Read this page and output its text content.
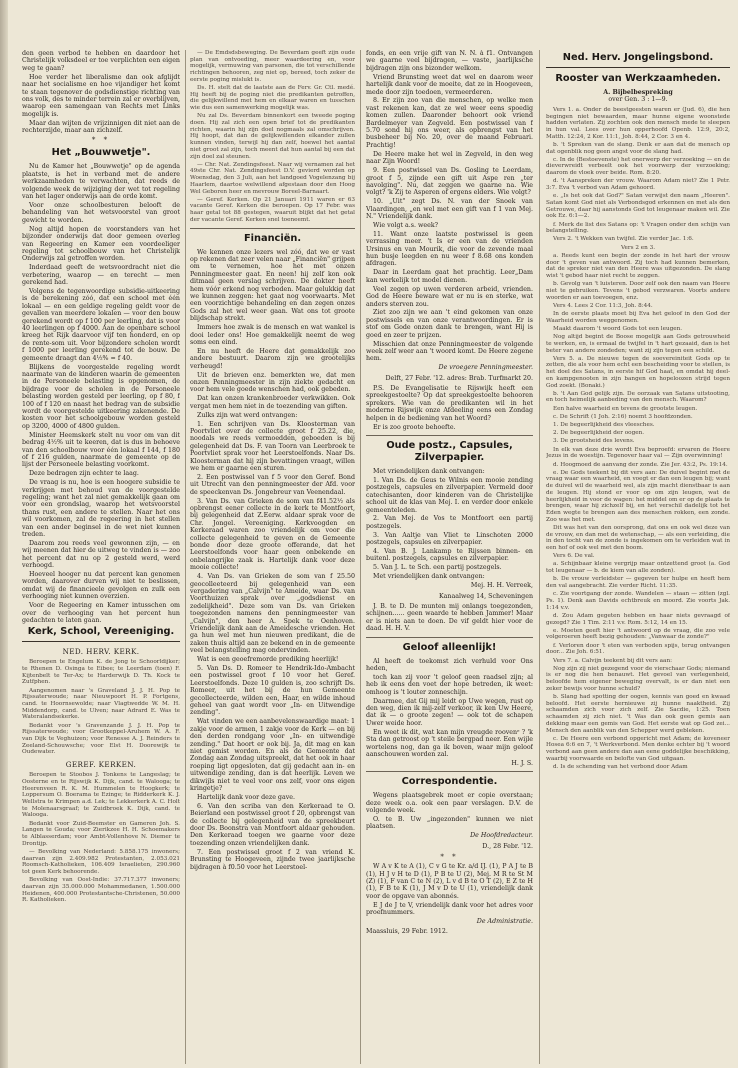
den geen verbod te hebben en daardoor het Christelijk volksdeel er toe verplichten een eigen weg te gaan?

Hoe verder het liberalisme dan ook afglijdt naar het socialisme en hoe vijandiger het komt te staan tegenover de godsdienstige richting van ons volk, des te minder terrein zal er overblijven, waarop een samengaan van Rechts met Links mogelijk is.

Maar dan wijten de vrijzinnigen dit niet aan de rechterzijde, maar aan zichzelf.

* *
Het „Bouwwetje".

Nu de Kamer het „Bouwwetje" op de agenda plaatste, is het in verband met de andere werkzaamheden te verwachten, dat reeds de volgende week de wijziging der wet tot regeling van het lager onderwijs aan de orde komt.

Voor onze schoolbesturen belooft de behandeling van het wetsvoorstel van groot gewicht te worden.

Nog altijd hopen de voorstanders van het bijzonder onderwijs dat door gemeen overleg van Regeering en Kamer een voordeeliger regeling tot schoolbouw van het Christelijk Onderwijs zal getroffen worden.

Inderdaad geeft de wetsvoordracht niet die verbetering, waarop — en terecht — men gerekend had.

Volgens de tegenwoordige subsidie-uitkeering is de berekening zóó, dat een school met één lokaal — en een geldige regeling geldt voor de gevallen van meerdere lokalen — voor den bouw gerekend wordt op f 100 per leerling, dat is voor 40 leerlingen op f 4000. Aan de openbare school kreeg het Rijk daarvoor vijf ten honderd, en op de rente-som uit. Voor bijzondere scholen wordt f 1000 per leerling gerekend tot de bouw. De gemeente draagt dan 4½% = f 40.

Blijkens de voorgestelde regeling wordt naarmate van de kinderen waarin de gemeenten in de Personeele belasting is opgenomen, de bijdrage voor de scholen in de Personeele belasting worden gesteld per leerling, op f 80, f 100 of f 120 en naast het bedrag van de subsidie wordt de voorgestelde uitkeering zakenende. De kosten voor het schoolgebouw worden gesteld op 3200, 4000 of 4800 gulden.

Minister Heemskerk stelt nu voor om van dit bedrag 4½% uit te keeren, dat is dus in behoeve van den schoolbouw voor één lokaal f 144, f 180 of f 216 gulden, naarmate de gemeente op de lijst der Personeele belasting voorkomt.

Deze bedragen zijn echter te laag.

De vraag is nu, hoe is een hoogere subsidie te verkrijgen met behoud van de voorgestelde regeling; want het zal niet gemakkelijk gaan om voor een grondslag, waarop het wetsvoorstel thans rust, een andere te stellen. Naar het ons wil voorkomen, zal de regeering in het stellen van een ander beginsel in de wet niet kunnen treden.

Daarom zou reeds veel gewonnen zijn, — en wij meenen dat hier de uitweg te vinden is — zoo het percent dat nu op 2 gesteld werd, werd verhoogd.

Hoeveel hooger nu dat percent kan genomen worden, daarover durven wij niet te beslissen, omdat wij de financieele gevolgen en zulk een verhooging niet kunnen overzien.

Voor de Regeering en Kamer intusschen om over de verhooging van het percent hun gedachten te laten gaan.

Kerk, School, Vereeniging.
NED. HERV. KERK.

Beroepen te Engelum K. de Jong te Schoorldijker; te Rhenen D. Osinga te Eibee; te Leerdam (toen) F. Kijtenbelt te Ter-Ax; te Harderwijk D. Th. Kock te Zutfphen.

Aangenomen naar 's Graveland J. J. H. Pop te Rijssaterwoude; naar Nieuwpoort H. P. Fortgens, cand. te Hoornsewolde; naar Vlagtwedde W. M. H. Middendorp, cand. te Ulven; naar Adrard E. Was te Wateralandsekerke.

Bedankt voor 's Gravenzande J. J. H. Pop te Rijssaterwoude; voor Grootkeppel-Aruhem W. A. F. van Dijk te Veghuizen; voor Renesse A. J. Reinders te Zeeland-Schouwsche; voor Elst H. Doorewijk te Oudewater.

GEREF. KERKEN.

Beroepen te Stoobos J. Tonkens te Langeslag; te Oosterne en te Rijswijk K. Dijk, cand. te Walooga; te Heerenveen R. K. M. Hummelen te Hoogkerk; te Loppersum O. Boerama te Ezinge; te Ridderkerk K. J. Wellstra te Krimpen a.d. Lek; te Lekkerkerk A. C. Holt te Molenaarsgraaf; te Zuidbroek K. Dijk, cand. te Walooga.

Bedankt voor Zuid-Beemster en Gameren Joh. S. Langen te Gouda; voor Zierikzee H. H. Schoemakers te Alblasserdam; voor Ambt-Vollenhove N. Diemer te Drontijp.

— Bevolking van Nederland: 5.858.175 inwoners; daarvan zijn 2.409.982 Protestanten, 2.053.021 Roomsch-Katholieken, 106.409 Israelieten, 290.960 tot geen Kerk behoorende.

Bevolking van Oost-Indie: 37.717.377 inwoners; daarvan zijn 35.000.000 Mohammedanen, 1.500.000 Heidenen, 400.000 Protestantsche-Christenen, 50.000 R. Katholieken.

— De Emdsdsbeweging. De Beverdam geeft zijn oude plan van ontvoeding, meer waardeering en, voor mogelijk, vermuwing van parsonen, die tot verschillende richtingen behooren, zeg niet op, bereed, toch zeker de eerste poging mislukt is.

Ds. H. stelt dat de laatste aan de Ferv. Gr. Ctl. medé. Hij heeft bij de poging niet die predikanten getroffen, die gelijkwillend met hem en elkaar waren en tusschen wie dus een samenwerking mogelijk was.

Nu zal Ds. Beverdam binnenkort een tweede poging doen. Hij zal zich een open brief tot de predikanten richten, waarin hij zijn doel nogmaals zal omschrijven. Hij hoopt, dat dan de gelijkwillenden elkander zullen kunnen vinden, terwijl hij dan zelf, hoewel het aantal niet groot zal zijn, toch meent dat hun aantal bij een dat zijn doel zal steunen.

— Chr. Nat. Zendingsfeest. Naar wij vernamen zal het 49ste Chr. Nat. Zendingsfeest D.V. gevierd worden op Woensdag, den 3 Juli, aan het landgoed Vogelenzang bij Haarlem, daartoe welwillend afgestaan door den Hoog Wel Geboren heer en mevrouw Boreel-Barnaart.

— Geref. Kerken. Op 21 Januari 1911 waren er 63 vacante Geref. Kerken die beroepen. Op 17 Febr. was haar getal tot 88 gestegen, waaruit blijkt dat het getal der vacante Geref. Kerken snel toeneemt.

Financiën.

We kennen onze lezers wel zóó, dat we er vast op rekenen dat zeer velen naar „Financiën" grijpen om te vernemen, hoe het met onzen Penningmeester gaat. En neen! hij zelf kon ook ditmaal geen verslag schrijven. De dokter heeft hem vóór erkend nog verboden. Maar gelukkig dat we kunnen zeggen: het gaat nog voorwaarts. Met een voorzichtige behandeling en dan zegen onzes Gods zal het wel weer gaan. Wat ons tot groote blijdschap strekt.

Immers hoe zwak is de mensch en wat wankel is dooi leder ons! Hoe gemakkelijk neemt de weg soms een eind.

En nu heeft de Heere dat gemakkelijk zoo andere bestuurt. Daarom zijn we grootelijks verheugd!

Uit de brieven enz. bemerkten we, dat men onzen Penningmeester in zijn ziekte gedacht en voor hem vele goede wenschen had, ook gebeden.

Dat kan onzen krankenbroeder verkwikken. Ook vergat men hem niet in de toezending van giften.

Zulks zijn wat werd ontvangen:

1. Een schrijven van Ds. Kloosterman van Poortvliet over de collecte groot f 25.22, die, noodals we reeds vermoedden, geboeden is bij gelegenheid dat Ds. F. van Toorn van Leerbroek te Poortvliet sprak voor het Leerstoelfonds. Naar Ds. Kloosterman dat hij zijn bevattingen vraagt, willen we hem er gaarne een sturen.

2. Een postwissel van f 5 voor den Geref. Bond uit Utrecht van den penningmeester der Afd. voor de speeckenvan Ds. Jongebreur van Veenendaal.

3. Van Ds. van Grieken de som van f41.52½ als opbrengst eener collecte in de kerk te Montfoort, bij gelegenheid dat Z.Eerw. aldaar sprak voor de Chr. Jongel. Vereeniging. Kerkvoogden en Kerkeraad waren zoo vriendelijk om voor die collecte gelegenheid te geven en de Gemeente bonde door deze groote offerande, dat het Leerstoelfonds voor haar geen onbekende en onbelangrijke zaak is. Hartelijk dank voor deze mooie collecte!

4. Van Ds. van Grieken de som van f 25.50 geocolleeteerd bij gelegenheid van een vergadering van „Calvijn" te Ameide, waar Ds. van Voorthuizen sprak over „godsdienst en zedelijkheid". Deze som van Ds. van Grieken toegezonden namens den penningmeester van „Calvijn", den heer A. Spek te Oenhoven. Vriendelijk dank aan de Ameidesche vrienden. Het ga hun wel met hun nieuwen predikant, die de zaken thuis altijd aan ze bekend en in de gemeente veel belangstelling mag ondervinden.

Wat is een geoefremorde prediking heerlijk!

5. Van Ds. D. Romeer te Hendrik-Ido-Ambacht een postwissel groot f 10 voor het Geref. Leerstoelfonds. Deze 10 gulden is, zoo schrijft Ds. Romeer, uit het bij de hun Gemeente gecollecteerde, wilden een, Haar, en wilde inhoud geheel van gaat wordt voor „In- en Uitwendige zending".

Wat vinden we een aanbevelenswaardige maat: 1 zakje voor de armen, 1 zakje voor de Kerk — en bij den derden rondgang voor „In- en uitwendige zending." Dat hoort er ook bij. Ja, dit mag en kan niet gemist worden. En als de Gemeente dat Zondag aan Zondag uitspreekt, dat het ook in haar roeping ligt opgesloten, dat gij gedacht aan in- en uitwendige zending, dan is dat heerlijk. Leven we dikwijls niet te veel voor ons zelf, voor ons eigen kringetje?

Hartelijk dank voor deze gave.

6. Van den scriba van den Kerkeraad te O. Beierland een postwissel groot f 20, opbrengst van de collecte bij gelegenheid van de spreekbeurt door Ds. Boonstra van Montfoort aldaar gehouden. Den Kerkeraad toegen we gaarne voor deze toezending onzen vriendelijken dank.

7. Een postwissel groot f 2 van vriend K. Brunsting te Hoogeveen, zijnde twee jaarlijksche bijdragen à f0.50 voor het Leerstoel-

fonds, en een vrije gift van N. N. à f1. Ontvangen we gaarne veel bijdragen, — vaste, jaarlijksche bijdragen zijn ons bizonder welkom.

Vriend Brunsting weet dat wel en daarom weer hartelijk dank voor de moeite, dat ze in Hoogeveen, mede door zijn toedoen, vermeerderen.

8. Er zijn zoo van die menschen, op welke men vast rekenen kan, dat ze wel weer eens spoedig komen zullen. Daaronder behoort ook vriend Bardelmeyer van Zegveld. Een postwissel van f 5.70 sond hij ons weer, als opbrengst van het busbeheer bij No. 20, over de maand Februari. Prachtig!

De Heere make het wel in Zegveld, in den weg naar Zijn Woord!

9. Een postwissel van Ds. Gosling te Leerdam, groot f 5, zijnde een gift uit Aspe ren „ter navolging". Nu, dat zeggen we gaarne na. Wie volgt? 'k Zij te Asperen of ergens elders. Wie volgt?

10. „Uit" zegt Ds. N. van der Snoek van Vlaardingen, „en wel met een gift van f 1 van Mej. N." Vriendelijk dank.

Wie volgt a.s. week?

11. Want onze laatste postwissel is geen verrassing meer. 't Is er een van de vrienden Ursinus en van Mourik, die voor de zevende maal hun busje leegden en nu weer f 8.68 ons konden afdragen.

Daar in Leerdam gaat het prachtig. Leer„Dam kan werkelijk tot model dienen.

Veel zegen op uwen verderen arbeid, vrienden. God de Heere beware wat er nu is en sterke, wat anders sterven zou.

Ziet zoo zijn we aan 't eind gekomen van onze postwissels en van onze verantwoordingen. Er is stof om Gode onzen dank te brengen, want Hij is goed en zeer te prijzen.

Misschien dat onze Penningmeester de volgende week zelf weer aan 't woord komt. De Heere zegene hem.

De vroegere Penningmeester.
Delft, 27 Febr. '12. adres: Brab. Turfmarkt 20.

P.S. De Evangelisatie te Rijswijk heeft een spreekgestoelte? Op dat spreekgestoelte behooren sprekers. Wie van de predikanten wil in het moderne Rijswijk onze Afdeeling eens een Zondag helpen in de bediening van het Woord?

Er is zoo groote behoefte.

Oude postz., Capsules, Zilverpapier.

Met vriendelijken dank ontvangen:

1. Van Ds. de Geus te Wilnis een mooie zending postzegels, capsules en zilverpapier. Vermeld door catechisanten, door kinderen van de Christelijke school uit de klas van Mej. I. en verder door enkele gemeenteleden.

2. Van Mej. de Vos te Montfoort een partij postzegels.

3. Van Aaltje van Vliet te Linschoten 2000 postzegels, capsules en zilverpapier.

4. Van B. J. Lankamp te Rijssen binnen- en buitenl. postzegels, capsules en zilverpapier.

5. Van J. L. te Sch. een partij postzegels.

Met vriendelijken dank ontvangen:

Mej. H. H. Verreek,
Kanaalweg 14, Scheveningen

J. B. te D. De munten mij onlangs toegezonden, schijnen...... geen waarde te hebben Jammer! Maar er is niets aan te doen. De vif geldt hier voor de daad. H. H. V.

Geloof alleenlijk!

Al heeft de toekomst zich verhuld voor Ons heden,

toch kan zij voor 't geloof geen raadsel zijn; al heb ik eens den voet der hope betreden, ik weet: omhoog is 't louter zonneschijn.

Daarmee, dat Gij mij leidt op Uwe wegen, rust op den weg, dien ik mij-zelf verkoor, ik ken Uw Heere, dat ik — o groote zegen! — ook tot de schapen Uwer weide hoor.

En weet ik dit, wat kan mijn vreugde roovenᵉ ? 'k Sta dan getroost op 't steile bergpad neer. Een wijle wortelens nog, dan ga ik boven, waar mijn geloof aanschouwen worden zal.

H. J. S.
Correspondentie.

Wegens plaatsgebrek moet er copie overstaan; deze week o.a. ook een paar verslagen. D.V. de volgende week.

O. te B. Uw „ingezonden" kunnen we niet plaatsen.

De Hoofdredacteur.
D., 28 Febr. '12.
* *

W A v K te A (1), C v G te Kr. a/d IJ. (1), P A J te B (1), H J v H te D (1), P B te U (2), Mej. M R te St M (Z) (1), F van C te N (2), L v d B te O T (2), E Z te H (1), F B te K (1), J M v D te U (1), vriendelijk dank voor de opgave van abonnés.

E J de J te V, vriendelijk dank voor het adres voor proefnummers.

De Administratie.
Maassluis, 29 Febr. 1912.
Ned. Herv. Jongelingsbond.
Rooster van Werkzaamheden.
A. Bijbelbespreking
over Gen. 3 : 1—9.

Vers 1. a. Onder de beestgeesten waren er (Jud. 6), die hen begingen niet bewaarden, maar hunne eigene woonstede hadden verlaten. Zij zochten ook den mensch mede te sleepen in hun val. Lees over hun opperhoofd Openb. 12:9, 20:2, Matth. 12:24, 2 Kor. 11:1, Joh. 8:44, 2 Cor. 3 en 4.

b. 't Spreken van de slang. Denk er aan dat de mensch op dat ogenblik nog geen angst voor de slang had.

c. In de (Bestoevenste) het onerwerp der verzoeking — en de dieverwreidt verbeelt ook het voorwerp der verzoeking; daarom de vloek over beide. Rom. 8:20.

d. 't Aanspreken der vrouw. Waarom Adam niet? Zie 1 Petr. 3:7. Eva 't verbod van Adam gehoord.

e. „Is het ook dat God?" Satan verwijst den naam „Heeren". Satan komt God niet als Verbondsgod erkennen en met als den Getrouwe, daar hij aanstonds God tot leugenaar maken wil. Zie ook Ez. 6:1—2.

f. Merk de list des Satans op: 't Vragen onder den schijn van belangstelling.

Vers 2. 't Wekken van twijfel. Zie verder Jac. 1:6.

Vers 2 en 3.

a. Reeds kunt een begin der zonde in het hart der vrouw door 't geven van antwoord. Zij toch had kunnen bemerken, dat de spreker niet van den Heere was uitgezonden. De slang wist 't gebod haar niet recht te zeggen.

b. Gevolg van 't luisteren. Door zelf ook den naam van Heere niet te gebruiken. Tevens 't gebod verzwaren. Voorts andere woorden er aan toevoegen, enz.

Vers 4. Lees 2 Cor. 11:3, Joh. 8:44.

In de eerste plaats moet bij Eva het geloof in den God der Waarheid worden weggenomen.

Maakt daarom 't woord Gods tot een leugen.

Nog altijd begint de Boose mogelijk aan Gods getrouwheid te werken, en, is ermaal de twijfel in 't hart gezaaid, dan is het beter van andere zondeden; want zij zijn tegen een schild.

Vers 5. a. De nieuwe tegen de soevereiniteit Gods op te zetten, die als voor hem echt een bescheiding voor te stellen, is het doel des Satans, in eerste hif God haat, en omdat hij deel- en kampgenooten in zijn bangen en hopeloozen strijd tegen God zoekt. (Bonaki.)

b. 't Aan God gelijk zijn. De oorzaak van Satans uitstooting, en toch heimelijk aanbeding van den mensch. Waarom?

Een halve waarheid en tevens de grootste leugen.

c. De Schrift (1 Joh. 2:16) noemt 3 hoofdzonden.

1. De begeerlijkheid des vleesches.

2. De begeerlijkheid der oogen.

3. De grootsheid des levens.

In elk van deze drie wordt Eva beproefd: ervaren de Heere Jezus in de woestijn. Tegenover haar val — Zijn overwinning!

d. Hoogmoed de aanvang der zonde. Zie Jer. 43:2, Ps. 19:14.

e. De Gods teekent bij dit vers aan: De duivel begint met de vraag waar een waarheid, en voegt er dan een leugen bij; want de duivel wil de waarheid wel, als zijn macht dienstbaar is aan de leugen. Hij stond er voor op om zijn leugen, wat de heerlijkheid in voor de wagen: het middel om er op de plaats te brengen, waar hij zichzelf bij, en het verschil dadelijk tot het Eden wegte te brengen aan des menschen rokken, een zonde. Zoo was het met.

Dit was het van den oorsprong, dat ons en ook wel deze van de vrouw, en dan met de wetenschap, — als een verleiding, die in den tocht van de zonde is ingekomen om te verleiden wat in een hof of ook wel met den boom.

Vers 6. De val.

a. Schijnbaar kleine vergrijp maar ontzettend groot (a. God tot leugenaar — b. de kiem van alle zonden).

b. De vrouw verleidster — gegeven ter hulpe en heeft hem den val aangebracht. Zie verder Richt. 11:35.

c. Zie voortgang der zonde. Wandelen — staan — zitten (zgl. Ps. 1). Denk aan Davids echtbreuk en moord. Zie voorts Jak. 1:14 v.v.

d. Zou Adam gegeten hebben en haar niets gevraagd of gezegd? Zie 1 Tim. 2:11 v.v. Rom. 5:12, 14 en 15.

e. Moeten geeft hier 't antwoord op de vraag, die zoo vele volgeroeren heeft bezig gehouden: „Vanwaar de zonde?"

f. Verloren door 't eten van verboden spijs, terug ontvangen door... Zie Joh. 6:51.

Vers 7. a. Calvijn teekent bij dit vers aan:

Nog zijn zij niet gezegend voor de vierschaar Gods; niemand is er nog die hen benauwt. Het gevoel van verlegenheid, beloofde hem eigener beweging overvalt, is er dan niet een zeker bewijs voor hunne schuld?

b. Slang had spotting der oogen, kennis van goed en kwaad beloofd. Het eerste hernieuwe zij hunne naaktheid. Zij schaamden zich voor zich zelf. Zie Sacdie, 1:25. Toen schaamden zij zich niet. 't Was dan ook geen gemis aan dekking maar een gemis van God. Het eerste wat op God zei... Mensch den aanblik van den Schepper werd gebleken.

c. De Heere een verbond opgericht met Adam; de koveneer Hosea 6:6 en 7, 't Werkverbond. Men denke echter bij 't woord verbond aan geen andere dan aan eene goddelijke beschikking, waarbij voorwaarde en belofte van God uitgaan.

d. Is de schending van het verbond door Adam
